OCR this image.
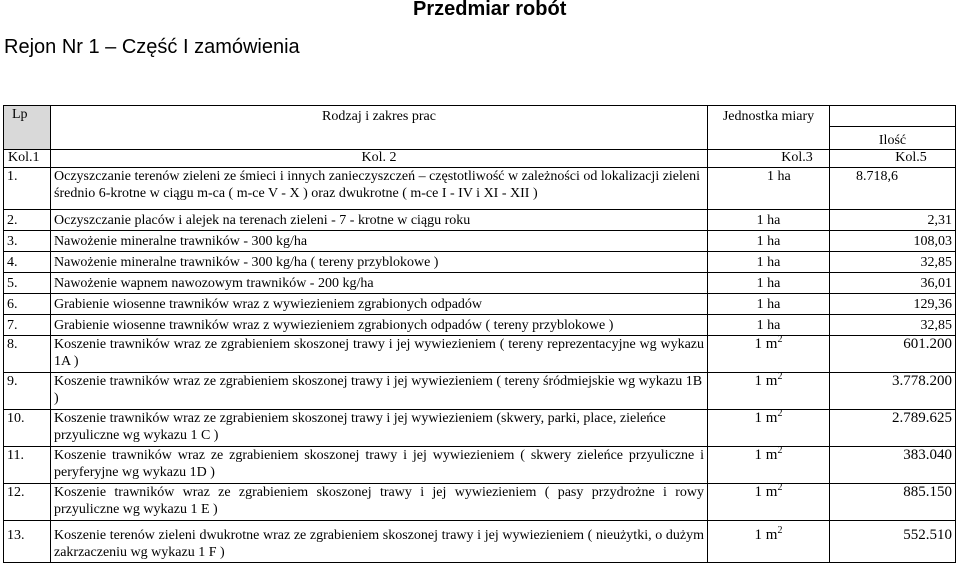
Przedmiar robót
Rejon Nr 1 – Część I zamówienia
Lp	Rodzaj i zakres prac	Jednostka miary	
			Ilość
Kol.1	Kol. 2	Kol.3	Kol.5
1.	Oczyszczanie terenów zieleni ze śmieci i innych zanieczyszczeń – częstotliwość w zależności od lokalizacji zieleni średnio 6-krotne w ciągu m-ca ( m-ce V - X ) oraz dwukrotne ( m-ce I - IV i XI - XII )	1 ha	8.718,6
2.	Oczyszczanie placów i alejek na terenach zieleni - 7 - krotne w ciągu roku	1 ha	2,31
3.	Nawożenie mineralne trawników - 300 kg/ha	1 ha	108,03
4.	Nawożenie mineralne trawników - 300 kg/ha ( tereny przyblokowe )	1 ha	32,85
5.	Nawożenie wapnem nawozowym trawników - 200 kg/ha	1 ha	36,01
6.	Grabienie wiosenne trawników wraz z wywiezieniem zgrabionych odpadów	1 ha	129,36
7.	Grabienie wiosenne trawników wraz z wywiezieniem zgrabionych odpadów ( tereny przyblokowe )	1 ha	32,85
8.	Koszenie trawników wraz ze zgrabieniem skoszonej trawy i jej wywiezieniem ( tereny reprezentacyjne wg wykazu 1A )	1 $m^2$	601.200
9.	Koszenie trawników wraz ze zgrabieniem skoszonej trawy i jej wywiezieniem ( tereny śródmiejskie wg wykazu 1B )	1 $m^2$	3.778.200
10.	Koszenie trawników wraz ze zgrabieniem skoszonej trawy i jej wywiezieniem (skwery, parki, place, zieleńce przyuliczne wg wykazu 1 C )	1 $m^2$	2.789.625
11.	Koszenie trawników wraz ze zgrabieniem skoszonej trawy i jej wywiezieniem ( skwery zieleńce przyuliczne i peryferyjne wg wykazu 1D )	1 $m^2$	383.040
12.	Koszenie trawników wraz ze zgrabieniem skoszonej trawy i jej wywiezieniem ( pasy przydrożne i rowy przyuliczne wg wykazu 1 E )	1 $m^2$	885.150
13.	Koszenie terenów zieleni dwukrotne wraz ze zgrabieniem skoszonej trawy i jej wywiezieniem ( nieużytki, o dużym zakrzaczeniu wg wykazu 1 F )	1 $m^2$	552.510
